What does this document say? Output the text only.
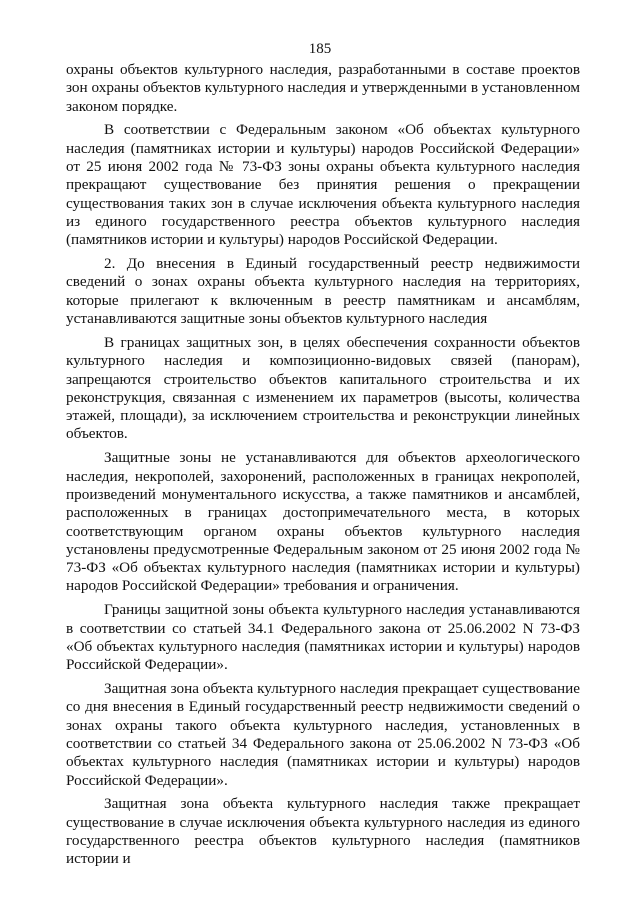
185

охраны объектов культурного наследия, разработанными в составе проектов зон охраны объектов культурного наследия и утвержденными в установленном законом порядке.

В соответствии с Федеральным законом «Об объектах культурного наследия (памятниках истории и культуры) народов Российской Федерации» от 25 июня 2002 года № 73-ФЗ зоны охраны объекта культурного наследия прекращают существование без принятия решения о прекращении существования таких зон в случае исключения объекта культурного наследия из единого государственного реестра объектов культурного наследия (памятников истории и культуры) народов Российской Федерации.

2. До внесения в Единый государственный реестр недвижимости сведений о зонах охраны объекта культурного наследия на территориях, которые прилегают к включенным в реестр памятникам и ансамблям, устанавливаются защитные зоны объектов культурного наследия

В границах защитных зон, в целях обеспечения сохранности объектов культурного наследия и композиционно-видовых связей (панорам), запрещаются строительство объектов капитального строительства и их реконструкция, связанная с изменением их параметров (высоты, количества этажей, площади), за исключением строительства и реконструкции линейных объектов.

Защитные зоны не устанавливаются для объектов археологического наследия, некрополей, захоронений, расположенных в границах некрополей, произведений монументального искусства, а также памятников и ансамблей, расположенных в границах достопримечательного места, в которых соответствующим органом охраны объектов культурного наследия установлены предусмотренные Федеральным законом от 25 июня 2002 года № 73-ФЗ «Об объектах культурного наследия (памятниках истории и культуры) народов Российской Федерации» требования и ограничения.

Границы защитной зоны объекта культурного наследия устанавливаются в соответствии со статьей 34.1 Федерального закона от 25.06.2002 N 73-ФЗ «Об объектах культурного наследия (памятниках истории и культуры) народов Российской Федерации».

Защитная зона объекта культурного наследия прекращает существование со дня внесения в Единый государственный реестр недвижимости сведений о зонах охраны такого объекта культурного наследия, установленных в соответствии со статьей 34 Федерального закона от 25.06.2002 N 73-ФЗ «Об объектах культурного наследия (памятниках истории и культуры) народов Российской Федерации».

Защитная зона объекта культурного наследия также прекращает существование в случае исключения объекта культурного наследия из единого государственного реестра объектов культурного наследия (памятников истории и
